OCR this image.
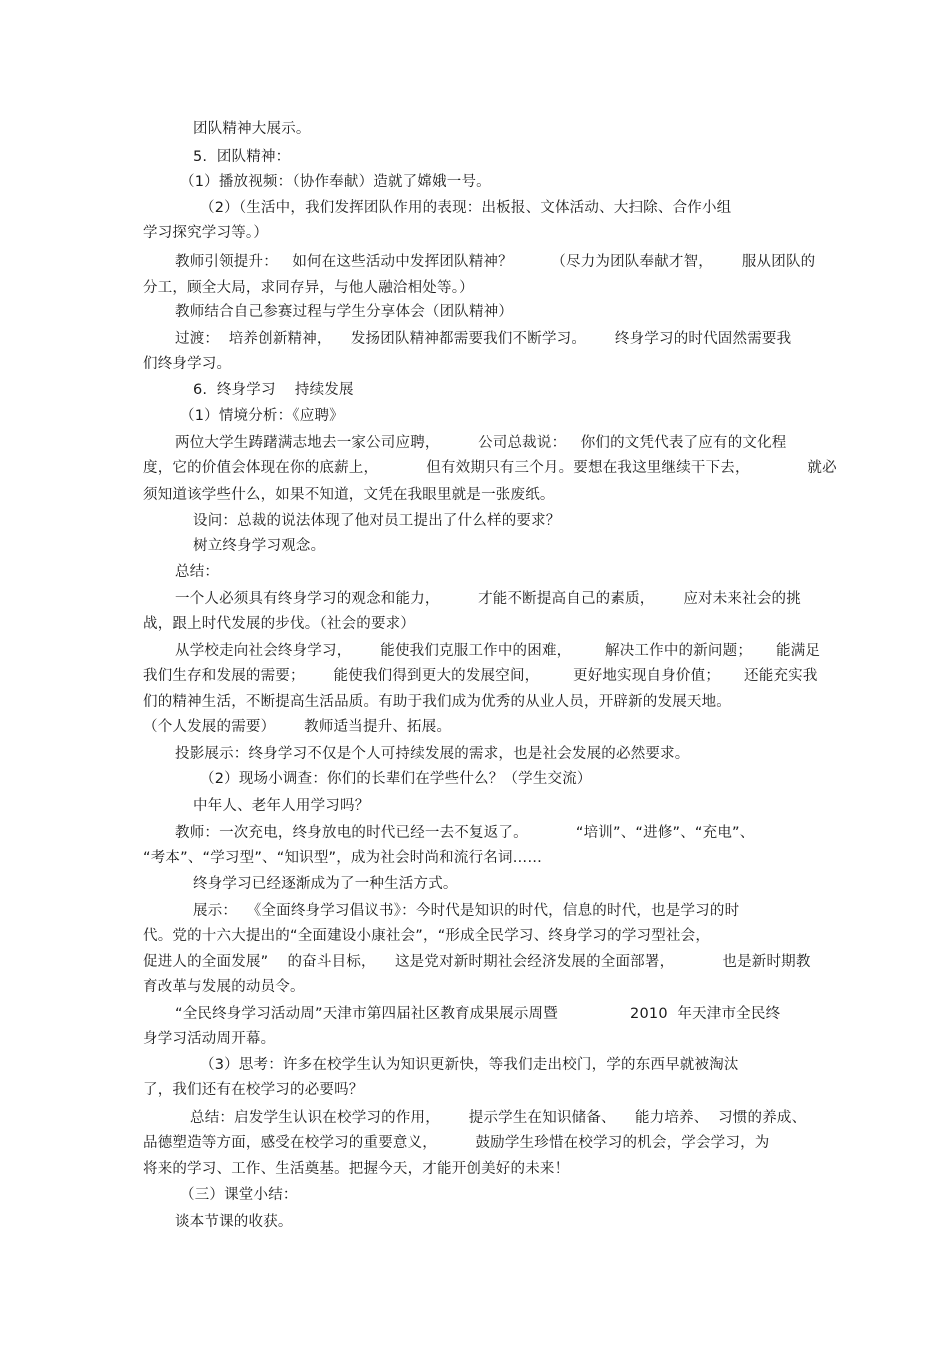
团队精神大展示。
5.  团队精神：
（1）播放视频：（协作奉献）造就了嫦娥一号。
（2）（生活中，我们发挥团队作用的表现：出板报、文体活动、大扫除、合作小组
学习探究学习等。）
教师引领提升：   如何在这些活动中发挥团队精神？        （尽力为团队奉献才智，      服从团队的
分工，顾全大局，求同存异，与他人融洽相处等。）
教师结合自己参赛过程与学生分享体会（团队精神）
过渡：  培养创新精神，    发扬团队精神都需要我们不断学习。      终身学习的时代固然需要我
们终身学习。
6.  终身学习    持续发展
（1）情境分析：《应聘》
两位大学生踌躇满志地去一家公司应聘，        公司总裁说：   你们的文凭代表了应有的文化程
度，它的价值会体现在你的底薪上，          但有效期只有三个月。要想在我这里继续干下去，            就必
须知道该学些什么，如果不知道，文凭在我眼里就是一张废纸。
设问：总裁的说法体现了他对员工提出了什么样的要求？
树立终身学习观念。
总结：
一个人必须具有终身学习的观念和能力，        才能不断提高自己的素质，      应对未来社会的挑
战，跟上时代发展的步伐。（社会的要求）
从学校走向社会终身学习，      能使我们克服工作中的困难，       解决工作中的新问题；     能满足
我们生存和发展的需要；      能使我们得到更大的发展空间，       更好地实现自身价值；     还能充实我
们的精神生活，不断提高生活品质。有助于我们成为优秀的从业人员，开辟新的发展天地。
（个人发展的需要）      教师适当提升、拓展。
投影展示：终身学习不仅是个人可持续发展的需求，也是社会发展的必然要求。
（2）现场小调查：你们的长辈们在学些什么？（学生交流）
中年人、老年人用学习吗？
教师：一次充电，终身放电的时代已经一去不复返了。          “培训”、“进修”、“充电”、
“考本”、“学习型”、“知识型”，成为社会时尚和流行名词……
终身学习已经逐渐成为了一种生活方式。
展示：  《全面终身学习倡议书》：今时代是知识的时代，信息的时代，也是学习的时
代。党的十六大提出的“全面建设小康社会”，“形成全民学习、终身学习的学习型社会，
促进人的全面发展”    的奋斗目标，    这是党对新时期社会经济发展的全面部署，          也是新时期教
育改革与发展的动员令。
“全民终身学习活动周”天津市第四届社区教育成果展示周暨               2010  年天津市全民终
身学习活动周开幕。
（3）思考：许多在校学生认为知识更新快，等我们走出校门，学的东西早就被淘汰
了，我们还有在校学习的必要吗？
总结：启发学生认识在校学习的作用，      提示学生在知识储备、    能力培养、  习惯的养成、
品德塑造等方面，感受在校学习的重要意义，        鼓励学生珍惜在校学习的机会，学会学习，为
将来的学习、工作、生活奠基。把握今天，才能开创美好的未来！
（三）课堂小结：
谈本节课的收获。
